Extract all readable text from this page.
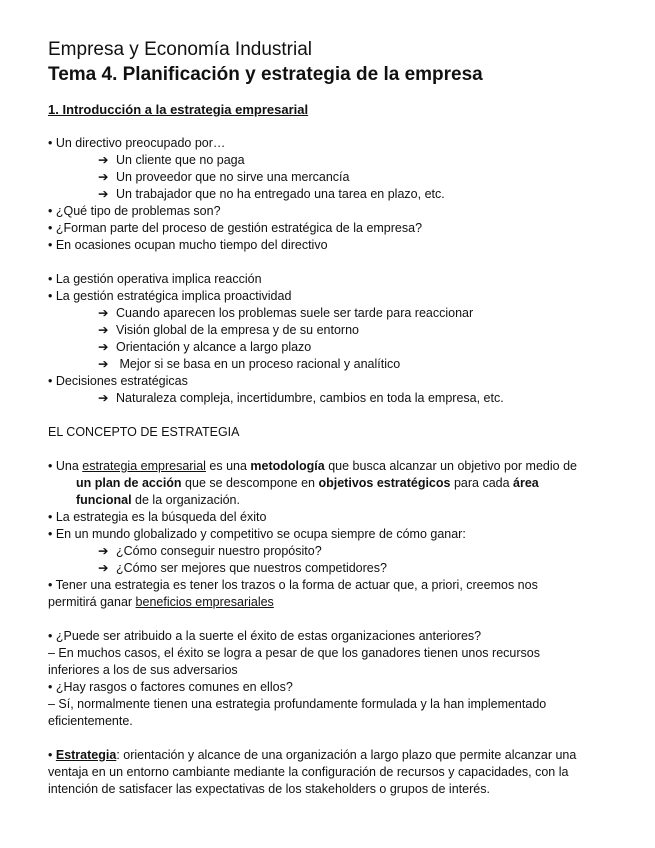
Empresa y Economía Industrial
Tema 4. Planificación y estrategia de la empresa
1. Introducción a la estrategia empresarial

• Un directivo preocupado por…

➔ Un cliente que no paga

➔ Un proveedor que no sirve una mercancía

➔ Un trabajador que no ha entregado una tarea en plazo, etc.

• ¿Qué tipo de problemas son?

• ¿Forman parte del proceso de gestión estratégica de la empresa?

• En ocasiones ocupan mucho tiempo del directivo

• La gestión operativa implica reacción

• La gestión estratégica implica proactividad

➔ Cuando aparecen los problemas suele ser tarde para reaccionar

➔ Visión global de la empresa y de su entorno

➔ Orientación y alcance a largo plazo

➔ Mejor si se basa en un proceso racional y analítico

• Decisiones estratégicas

➔ Naturaleza compleja, incertidumbre, cambios en toda la empresa, etc.

EL CONCEPTO DE ESTRATEGIA

• Una estrategia empresarial es una metodología que busca alcanzar un objetivo por medio de

un plan de acción que se descompone en objetivos estratégicos para cada área

funcional de la organización.

• La estrategia es la búsqueda del éxito

• En un mundo globalizado y competitivo se ocupa siempre de cómo ganar:

➔ ¿Cómo conseguir nuestro propósito?

➔ ¿Cómo ser mejores que nuestros competidores?

• Tener una estrategia es tener los trazos o la forma de actuar que, a priori, creemos nos

permitirá ganar beneficios empresariales

• ¿Puede ser atribuido a la suerte el éxito de estas organizaciones anteriores?

– En muchos casos, el éxito se logra a pesar de que los ganadores tienen unos recursos

inferiores a los de sus adversarios

• ¿Hay rasgos o factores comunes en ellos?

– Sí, normalmente tienen una estrategia profundamente formulada y la han implementado

eficientemente.

• Estrategia: orientación y alcance de una organización a largo plazo que permite alcanzar una

ventaja en un entorno cambiante mediante la configuración de recursos y capacidades, con la

intención de satisfacer las expectativas de los stakeholders o grupos de interés.
